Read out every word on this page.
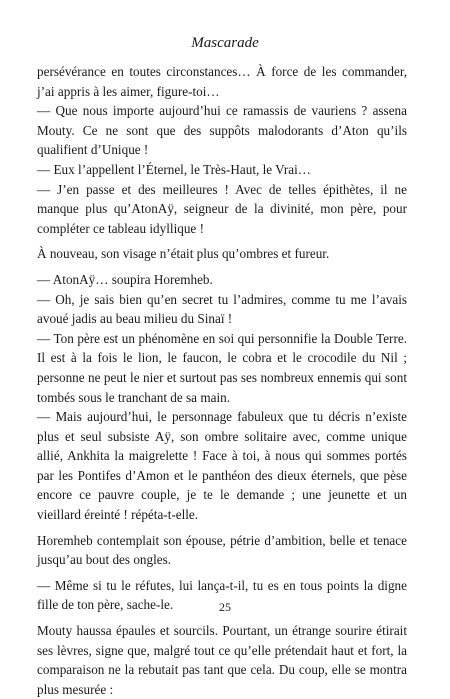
Mascarade

persévérance en toutes circonstances… À force de les commander, j’ai appris à les aimer, figure-toi…

— Que nous importe aujourd’hui ce ramassis de vauriens ? assena Mouty. Ce ne sont que des suppôts malodorants d’Aton qu’ils qualifient d’Unique !

— Eux l’appellent l’Éternel, le Très-Haut, le Vrai…

— J’en passe et des meilleures ! Avec de telles épithètes, il ne manque plus qu’AtonAÿ, seigneur de la divinité, mon père, pour compléter ce tableau idyllique !

À nouveau, son visage n’était plus qu’ombres et fureur.

— AtonAÿ… soupira Horemheb.

— Oh, je sais bien qu’en secret tu l’admires, comme tu me l’avais avoué jadis au beau milieu du Sinaï !

— Ton père est un phénomène en soi qui personnifie la Double Terre. Il est à la fois le lion, le faucon, le cobra et le crocodile du Nil ; personne ne peut le nier et surtout pas ses nombreux ennemis qui sont tombés sous le tranchant de sa main.

— Mais aujourd’hui, le personnage fabuleux que tu décris n’existe plus et seul subsiste Aÿ, son ombre solitaire avec, comme unique allié, Ankhita la maigrelette ! Face à toi, à nous qui sommes portés par les Pontifes d’Amon et le panthéon des dieux éternels, que pèse encore ce pauvre couple, je te le demande ; une jeunette et un vieillard éreinté ! répéta-t-elle.

Horemheb contemplait son épouse, pétrie d’ambition, belle et tenace jusqu’au bout des ongles.

— Même si tu le réfutes, lui lança-t-il, tu es en tous points la digne fille de ton père, sache-le.

Mouty haussa épaules et sourcils. Pourtant, un étrange sourire étirait ses lèvres, signe que, malgré tout ce qu’elle prétendait haut et fort, la comparaison ne la rebutait pas tant que cela. Du coup, elle se montra plus mesurée :

25
